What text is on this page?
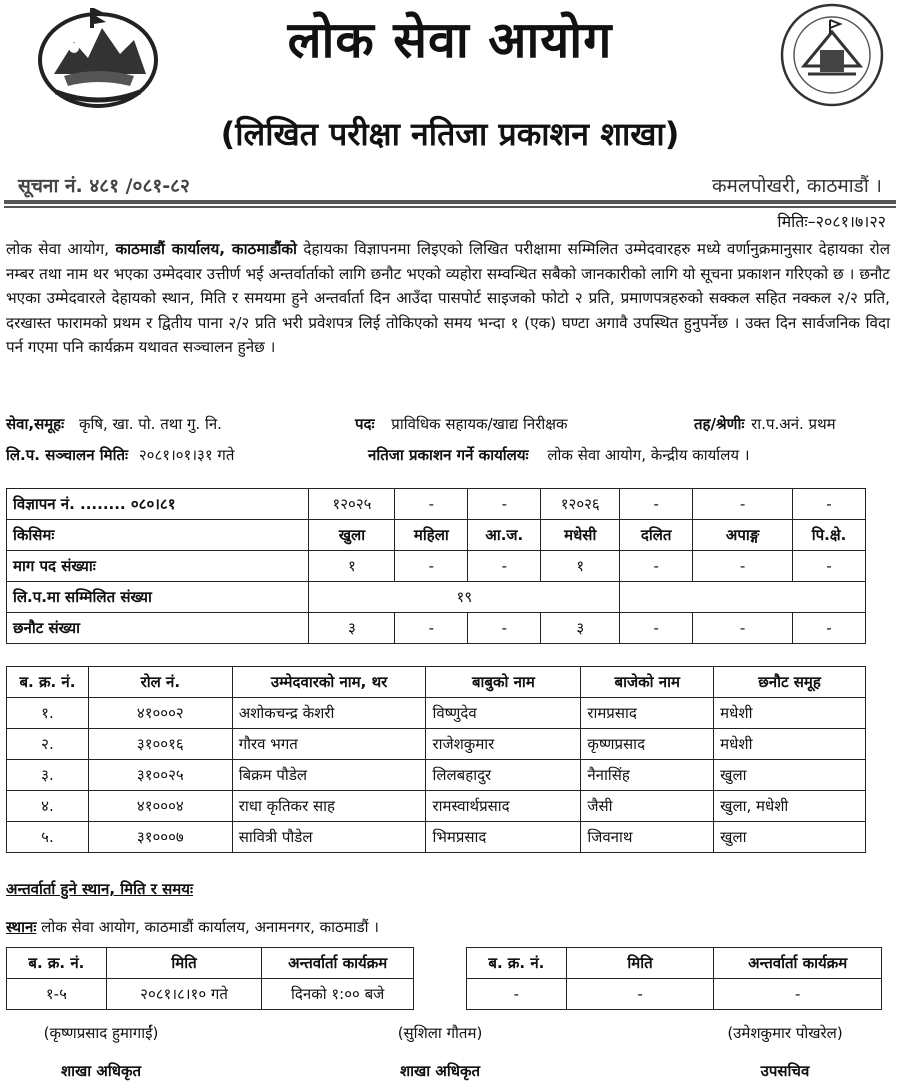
लोक सेवा आयोग
(लिखित परीक्षा नतिजा प्रकाशन शाखा)
सूचना नं. ४८१ /०८१-८२	कमलपोखरी, काठमाडौं ।
मितिः–२०८१।७।२२
लोक सेवा आयोग, काठमाडौं कार्यालय, काठमाडौंको देहायका विज्ञापनमा लिइएको लिखित परीक्षामा सम्मिलित उम्मेदवारहरु मध्ये वर्णानुक्रमानुसार देहायका रोल नम्बर तथा नाम थर भएका उम्मेदवार उत्तीर्ण भई अन्तर्वार्ताको लागि छनौट भएको व्यहोरा सम्वन्धित सबैको जानकारीको लागि यो सूचना प्रकाशन गरिएको छ । छनौट भएका उम्मेदवारले देहायको स्थान, मिति र समयमा हुने अन्तर्वार्ता दिन आउँदा पासपोर्ट साइजको फोटो २ प्रति, प्रमाणपत्रहरुको सक्कल सहित नक्कल २/२ प्रति, दरखास्त फारामको प्रथम र द्वितीय पाना २/२ प्रति भरी प्रवेशपत्र लिई तोकिएको समय भन्दा १ (एक) घण्टा अगावै उपस्थित हुनुपर्नेछ । उक्त दिन सार्वजनिक विदा पर्न गएमा पनि कार्यक्रम यथावत सञ्चालन हुनेछ ।
सेवा,समूहः कृषि, खा. पो. तथा गु. नि.	पदः प्राविधिक सहायक/खाद्य निरीक्षक	तह/श्रेणीः रा.प.अनं. प्रथम
लि.प. सञ्चालन मितिः २०८१।०१।३१ गते	नतिजा प्रकाशन गर्ने कार्यालयः लोक सेवा आयोग, केन्द्रीय कार्यालय ।
विज्ञापन नं. ........ ०८०।८१	१२०२५	-	-	१२०२६	-	-	-
किसिमः	खुला	महिला	आ.ज.	मधेसी	दलित	अपाङ्ग	पि.क्षे.
माग पद संख्याः	१	-	-	१	-	-	-
लि.प.मा सम्मिलित संख्या	१९						
छनौट संख्या	३	-	-	३	-	-	-
ब. क्र. नं.	रोल नं.	उम्मेदवारको नाम, थर	बाबुको नाम	बाजेको नाम	छनौट समूह
१.	४१०००२	अशोकचन्द्र केशरी	विष्णुदेव	रामप्रसाद	मधेशी
२.	३१००१६	गौरव भगत	राजेशकुमार	कृष्णप्रसाद	मधेशी
३.	३१००२५	बिक्रम पौडेल	लिलबहादुर	नैनासिंह	खुला
४.	४१०००४	राधा कृतिकर साह	रामस्वार्थप्रसाद	जैसी	खुला, मधेशी
५.	३१०००७	सावित्री पौडेल	भिमप्रसाद	जिवनाथ	खुला
अन्तर्वार्ता हुने स्थान, मिति र समयः
स्थानः लोक सेवा आयोग, काठमाडौं कार्यालय, अनामनगर, काठमाडौं ।
ब. क्र. नं.	मिति	अन्तर्वार्ता कार्यक्रम
१-५	२०८१।८।१० गते	दिनको १:०० बजे
ब. क्र. नं.	मिति	अन्तर्वार्ता कार्यक्रम
-	-	-
(कृष्णप्रसाद हुमागाईं)
शाखा अधिकृत
(सुशिला गौतम)
शाखा अधिकृत
(उमेशकुमार पोखरेल)
उपसचिव
